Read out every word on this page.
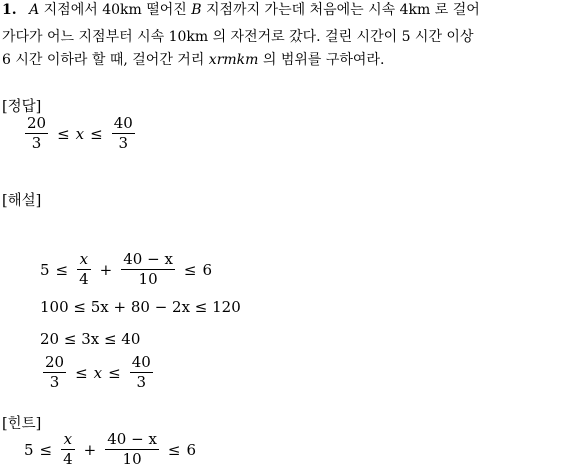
1. A 지점에서 40km 떨어진 B 지점까지 가는데 처음에는 시속 4km 로 걸어
가다가 어느 지점부터 시속 10km 의 자전거로 갔다. 걸린 시간이 5 시간 이상
6 시간 이하라 할 때, 걸어간 거리 xrmkm 의 범위를 구하여라.
[정답]
$\frac{20}{3} \le x \le \frac{40}{3}$
[해설]
$5 \le \frac{x}{4} + \frac{40 - x}{10} \le 6$
100 ≤ 5x + 80 − 2x ≤ 120
20 ≤ 3x ≤ 40
$\frac{20}{3} \le x \le \frac{40}{3}$
[힌트]
$5 \le \frac{x}{4} + \frac{40 - x}{10} \le 6$
